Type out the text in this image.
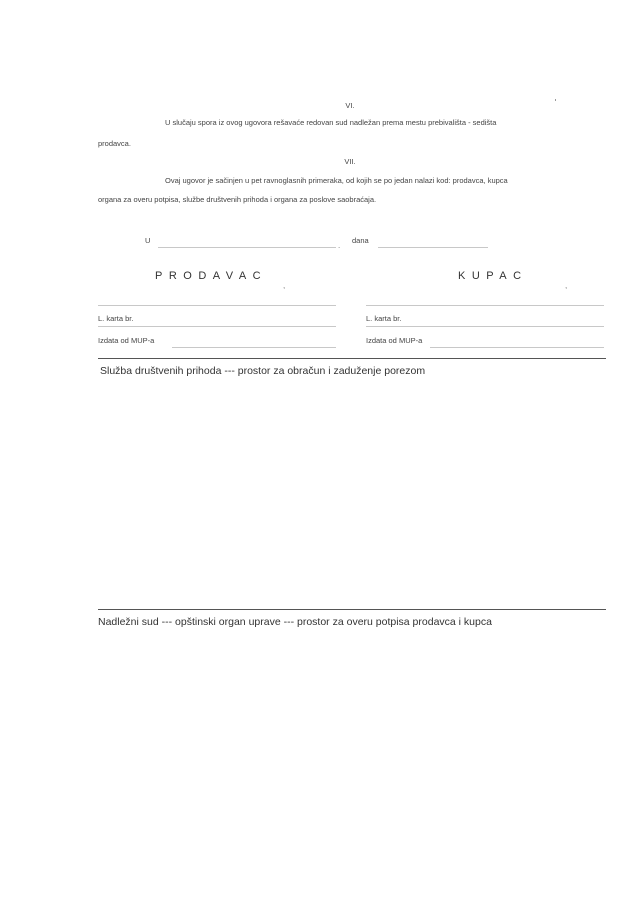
VI.
U slučaju spora iz ovog ugovora rešavaće redovan sud nadležan prema mestu prebivališta - sedišta
prodavca.
VII.
Ovaj ugovor je sačinjen u pet ravnoglasnih primeraka, od kojih se po jedan nalazi kod: prodavca, kupca
organa za overu potpisa, službe društvenih prihoda i organa za poslove saobraćaja.
U
.
dana
PRODAVAC
,
KUPAC
,
L. karta br.	L. karta br.
Izdata od MUP-a	Izdata od MUP-a
Služba društvenih prihoda --- prostor za obračun i zaduženje porezom
Nadležni sud --- opštinski organ uprave --- prostor za overu potpisa prodavca i kupca
